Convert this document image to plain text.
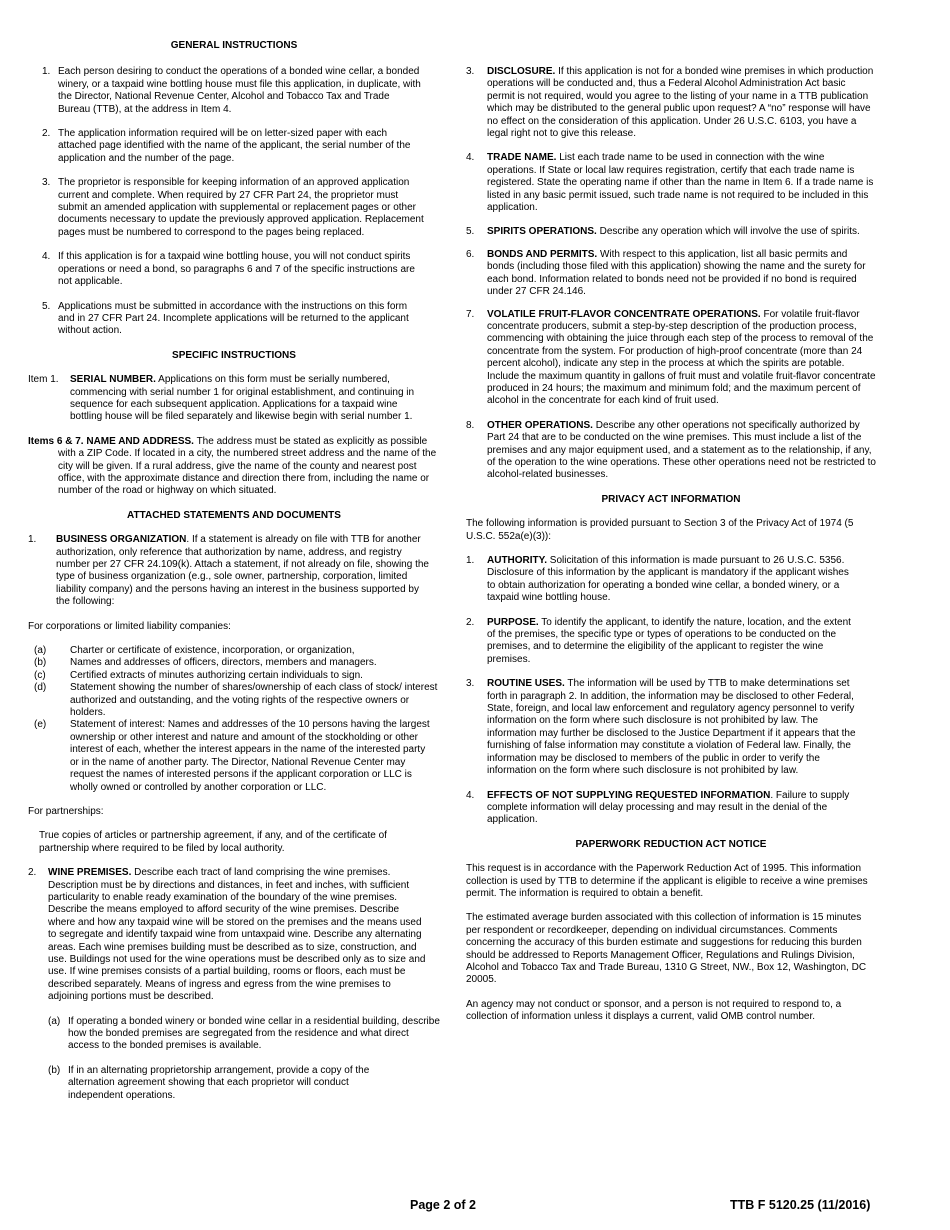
GENERAL INSTRUCTIONS

1. Each person desiring to conduct the operations of a bonded wine cellar, a bonded winery, or a taxpaid wine bottling house must file this application, in duplicate, with the Director, National Revenue Center, Alcohol and Tobacco Tax and Trade Bureau (TTB), at the address in Item 4.
2. The application information required will be on letter-sized paper with each attached page identified with the name of the applicant, the serial number of the application and the number of the page.
3. The proprietor is responsible for keeping information of an approved application current and complete. When required by 27 CFR Part 24, the proprietor must submit an amended application with supplemental or replacement pages or other documents necessary to update the previously approved application. Replacement pages must be numbered to correspond to the pages being replaced.
4. If this application is for a taxpaid wine bottling house, you will not conduct spirits operations or need a bond, so paragraphs 6 and 7 of the specific instructions are not applicable.
5. Applications must be submitted in accordance with the instructions on this form and in 27 CFR Part 24. Incomplete applications will be returned to the applicant without action.

SPECIFIC INSTRUCTIONS

Item 1.	SERIAL NUMBER. Applications on this form must be serially numbered, commencing with serial number 1 for original establishment, and continuing in sequence for each subsequent application. Applications for a taxpaid wine bottling house will be filed separately and likewise begin with serial number 1.
Items 6 & 7. NAME AND ADDRESS. The address must be stated as explicitly as possible with a ZIP Code. If located in a city, the numbered street address and the name of the city will be given. If a rural address, give the name of the county and nearest post office, with the approximate distance and direction there from, including the name or number of the road or highway on which situated.

ATTACHED STATEMENTS AND DOCUMENTS

1.	BUSINESS ORGANIZATION. If a statement is already on file with TTB for another authorization, only reference that authorization by name, address, and registry number per 27 CFR 24.109(k). Attach a statement, if not already on file, showing the type of business organization (e.g., sole owner, partnership, corporation, limited liability company) and the persons having an interest in the business supported by the following:

For corporations or limited liability companies:

(a)	Charter or certificate of existence, incorporation, or organization,
(b)	Names and addresses of officers, directors, members and managers.
(c)	Certified extracts of minutes authorizing certain individuals to sign.
(d)	Statement showing the number of shares/ownership of each class of stock/ interest authorized and outstanding, and the voting rights of the respective owners or holders.
(e)	Statement of interest: Names and addresses of the 10 persons having the largest ownership or other interest and nature and amount of the stockholding or other interest of each, whether the interest appears in the name of the interested party or in the name of another party. The Director, National Revenue Center may request the names of interested persons if the applicant corporation or LLC is wholly owned or controlled by another corporation or LLC.

For partnerships:

True copies of articles or partnership agreement, if any, and of the certificate of partnership where required to be filed by local authority.

2.	WINE PREMISES. Describe each tract of land comprising the wine premises. Description must be by directions and distances, in feet and inches, with sufficient particularity to enable ready examination of the boundary of the wine premises. Describe the means employed to afford security of the wine premises. Describe where and how any taxpaid wine will be stored on the premises and the means used to segregate and identify taxpaid wine from untaxpaid wine. Describe any alternating areas. Each wine premises building must be described as to size, construction, and use. Buildings not used for the wine operations must be described only as to size and use. If wine premises consists of a partial building, rooms or floors, each must be described separately. Means of ingress and egress from the wine premises to adjoining portions must be described.
(a) If operating a bonded winery or bonded wine cellar in a residential building, describe how the bonded premises are segregated from the residence and what direct access to the bonded premises is available.
(b) If in an alternating proprietorship arrangement, provide a copy of the alternation agreement showing that each proprietor will conduct independent operations.
3.	DISCLOSURE. If this application is not for a bonded wine premises in which production operations will be conducted and, thus a Federal Alcohol Administration Act basic permit is not required, would you agree to the listing of your name in a TTB publication which may be distributed to the general public upon request? A “no” response will have no effect on the consideration of this application. Under 26 U.S.C. 6103, you have a legal right not to give this release.
4.	TRADE NAME. List each trade name to be used in connection with the wine operations. If State or local law requires registration, certify that each trade name is registered. State the operating name if other than the name in Item 6. If a trade name is listed in any basic permit issued, such trade name is not required to be included in this application.
5.	SPIRITS OPERATIONS. Describe any operation which will involve the use of spirits.
6.	BONDS AND PERMITS. With respect to this application, list all basic permits and bonds (including those filed with this application) showing the name and the surety for each bond. Information related to bonds need not be provided if no bond is required under 27 CFR 24.146.
7.	VOLATILE FRUIT-FLAVOR CONCENTRATE OPERATIONS. For volatile fruit-flavor concentrate producers, submit a step-by-step description of the production process, commencing with obtaining the juice through each step of the process to removal of the concentrate from the system. For production of high-proof concentrate (more than 24 percent alcohol), indicate any step in the process at which the spirits are potable. Include the maximum quantity in gallons of fruit must and volatile fruit-flavor concentrate produced in 24 hours; the maximum and minimum fold; and the maximum percent of alcohol in the concentrate for each kind of fruit used.
8.	OTHER OPERATIONS. Describe any other operations not specifically authorized by Part 24 that are to be conducted on the wine premises. This must include a list of the premises and any major equipment used, and a statement as to the relationship, if any, of the operation to the wine operations. These other operations need not be restricted to alcohol-related businesses.

PRIVACY ACT INFORMATION

The following information is provided pursuant to Section 3 of the Privacy Act of 1974 (5 U.S.C. 552a(e)(3)):

1.	AUTHORITY. Solicitation of this information is made pursuant to 26 U.S.C. 5356. Disclosure of this information by the applicant is mandatory if the applicant wishes to obtain authorization for operating a bonded wine cellar, a bonded winery, or a taxpaid wine bottling house.
2.	PURPOSE. To identify the applicant, to identify the nature, location, and the extent of the premises, the specific type or types of operations to be conducted on the premises, and to determine the eligibility of the applicant to register the wine premises.
3.	ROUTINE USES. The information will be used by TTB to make determinations set forth in paragraph 2. In addition, the information may be disclosed to other Federal, State, foreign, and local law enforcement and regulatory agency personnel to verify information on the form where such disclosure is not prohibited by law. The information may further be disclosed to the Justice Department if it appears that the furnishing of false information may constitute a violation of Federal law. Finally, the information may be disclosed to members of the public in order to verify the information on the form where such disclosure is not prohibited by law.
4.	EFFECTS OF NOT SUPPLYING REQUESTED INFORMATION. Failure to supply complete information will delay processing and may result in the denial of the application.

PAPERWORK REDUCTION ACT NOTICE

This request is in accordance with the Paperwork Reduction Act of 1995. This information collection is used by TTB to determine if the applicant is eligible to receive a wine premises permit. The information is required to obtain a benefit.

The estimated average burden associated with this collection of information is 15 minutes per respondent or recordkeeper, depending on individual circumstances. Comments concerning the accuracy of this burden estimate and suggestions for reducing this burden should be addressed to Reports Management Officer, Regulations and Rulings Division, Alcohol and Tobacco Tax and Trade Bureau, 1310 G Street, NW., Box 12, Washington, DC 20005.

An agency may not conduct or sponsor, and a person is not required to respond to, a collection of information unless it displays a current, valid OMB control number.

Page 2 of 2	TTB F 5120.25 (11/2016)
